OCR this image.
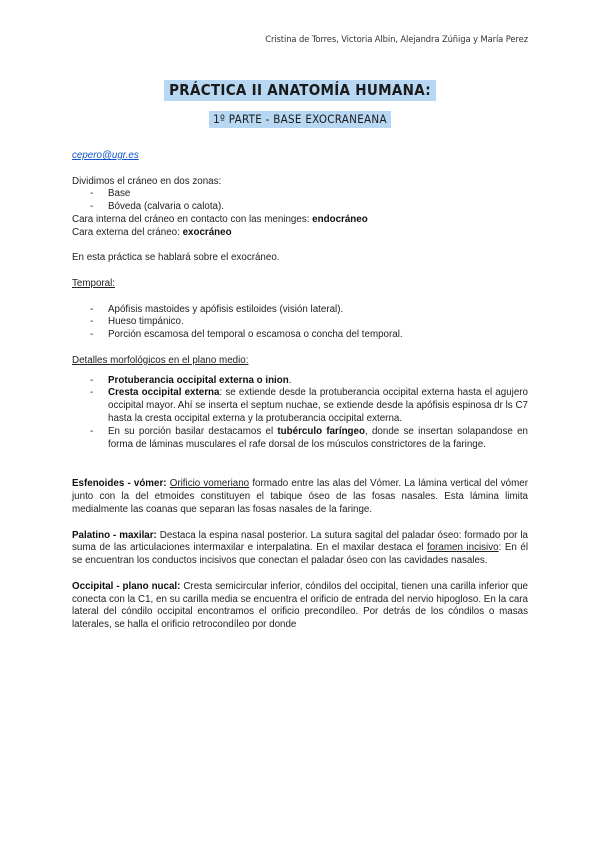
Cristina de Torres, Victoria Albin, Alejandra Zúñiga y María Perez
PRÁCTICA II ANATOMÍA HUMANA:
1º PARTE - BASE EXOCRANEANA

cepero@ugr.es

Dividimos el cráneo en dos zonas:

- Base
- Bóveda (calvaria o calota).

Cara interna del cráneo en contacto con las meninges: endocráneo

Cara externa del cráneo: exocráneo

En esta práctica se hablará sobre el exocráneo.

Temporal:

- Apófisis mastoides y apófisis estiloides (visión lateral).
- Hueso timpánico.
- Porción escamosa del temporal o escamosa o concha del temporal.

Detalles morfológicos en el plano medio:

- Protuberancia occipital externa o inion.
- Cresta occipital externa: se extiende desde la protuberancia occipital externa hasta el agujero occipital mayor. Ahí se inserta el septum nuchae, se extiende desde la apófisis espinosa dr ls C7 hasta la cresta occipital externa y la protuberancia occipital externa.
- En su porción basilar destacamos el tubérculo faríngeo, donde se insertan solapandose en forma de láminas musculares el rafe dorsal de los músculos constrictores de la faringe.

Esfenoides - vómer: Orificio vomeriano formado entre las alas del Vómer. La lámina vertical del vómer junto con la del etmoides constituyen el tabique óseo de las fosas nasales. Esta lámina limita medialmente las coanas que separan las fosas nasales de la faringe.

Palatino - maxilar: Destaca la espina nasal posterior. La sutura sagital del paladar óseo: formado por la suma de las articulaciones intermaxilar e interpalatina. En el maxilar destaca el foramen incisivo: En él se encuentran los conductos incisivos que conectan el paladar óseo con las cavidades nasales.

Occipital - plano nucal: Cresta semicircular inferior, cóndilos del occipital, tienen una carilla inferior que conecta con la C1, en su carilla media se encuentra el orificio de entrada del nervio hipogloso. En la cara lateral del cóndilo occipital encontramos el orificio precondíleo. Por detrás de los cóndilos o masas laterales, se halla el orificio retrocondíleo por donde
